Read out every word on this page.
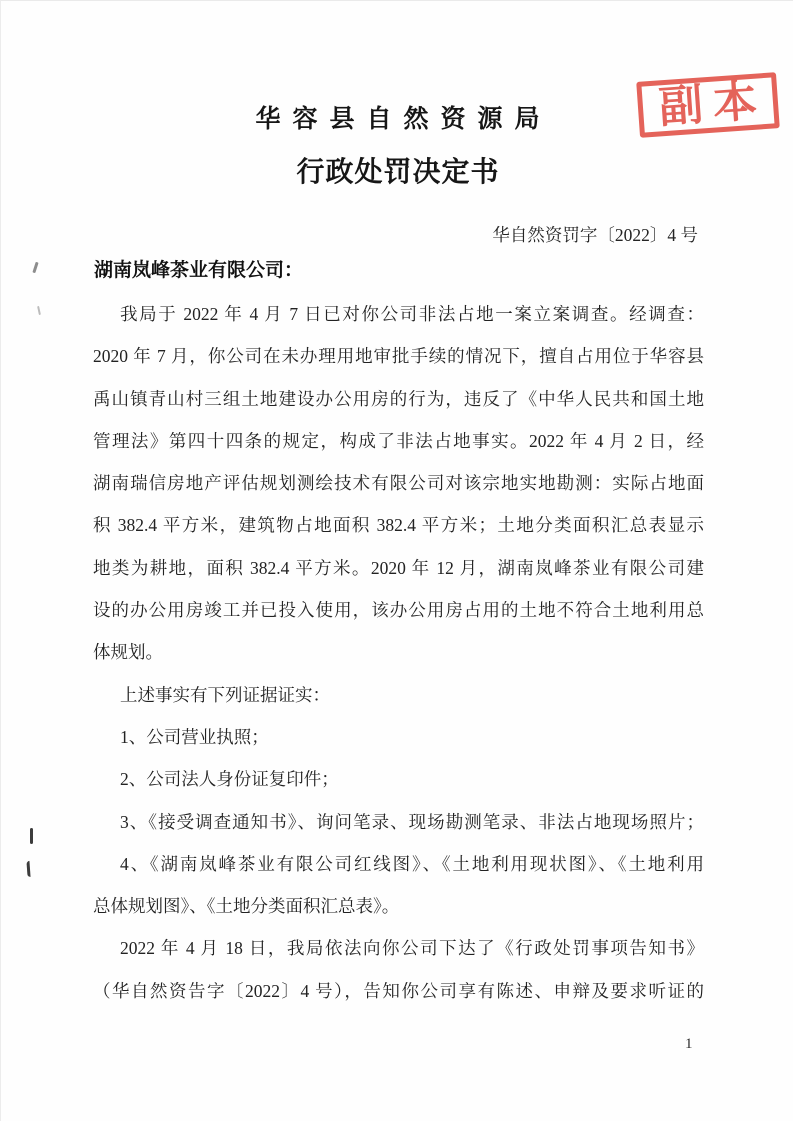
副本
华容县自然资源局
行政处罚决定书
华自然资罚字〔2022〕4 号
湖南岚峰茶业有限公司：
我局于 2022 年 4 月 7 日已对你公司非法占地一案立案调查。经调查：
2020 年 7 月，你公司在未办理用地审批手续的情况下，擅自占用位于华容县
禹山镇青山村三组土地建设办公用房的行为，违反了《中华人民共和国土地
管理法》第四十四条的规定，构成了非法占地事实。2022 年 4 月 2 日，经
湖南瑞信房地产评估规划测绘技术有限公司对该宗地实地勘测：实际占地面
积 382.4 平方米，建筑物占地面积 382.4 平方米；土地分类面积汇总表显示
地类为耕地，面积 382.4 平方米。2020 年 12 月，湖南岚峰茶业有限公司建
设的办公用房竣工并已投入使用，该办公用房占用的土地不符合土地利用总
体规划。
上述事实有下列证据证实：
1、公司营业执照；
2、公司法人身份证复印件；
3、《接受调查通知书》、询问笔录、现场勘测笔录、非法占地现场照片；
4、《湖南岚峰茶业有限公司红线图》、《土地利用现状图》、《土地利用
总体规划图》、《土地分类面积汇总表》。
2022 年 4 月 18 日，我局依法向你公司下达了《行政处罚事项告知书》
（华自然资告字〔2022〕4 号），告知你公司享有陈述、申辩及要求听证的
1
